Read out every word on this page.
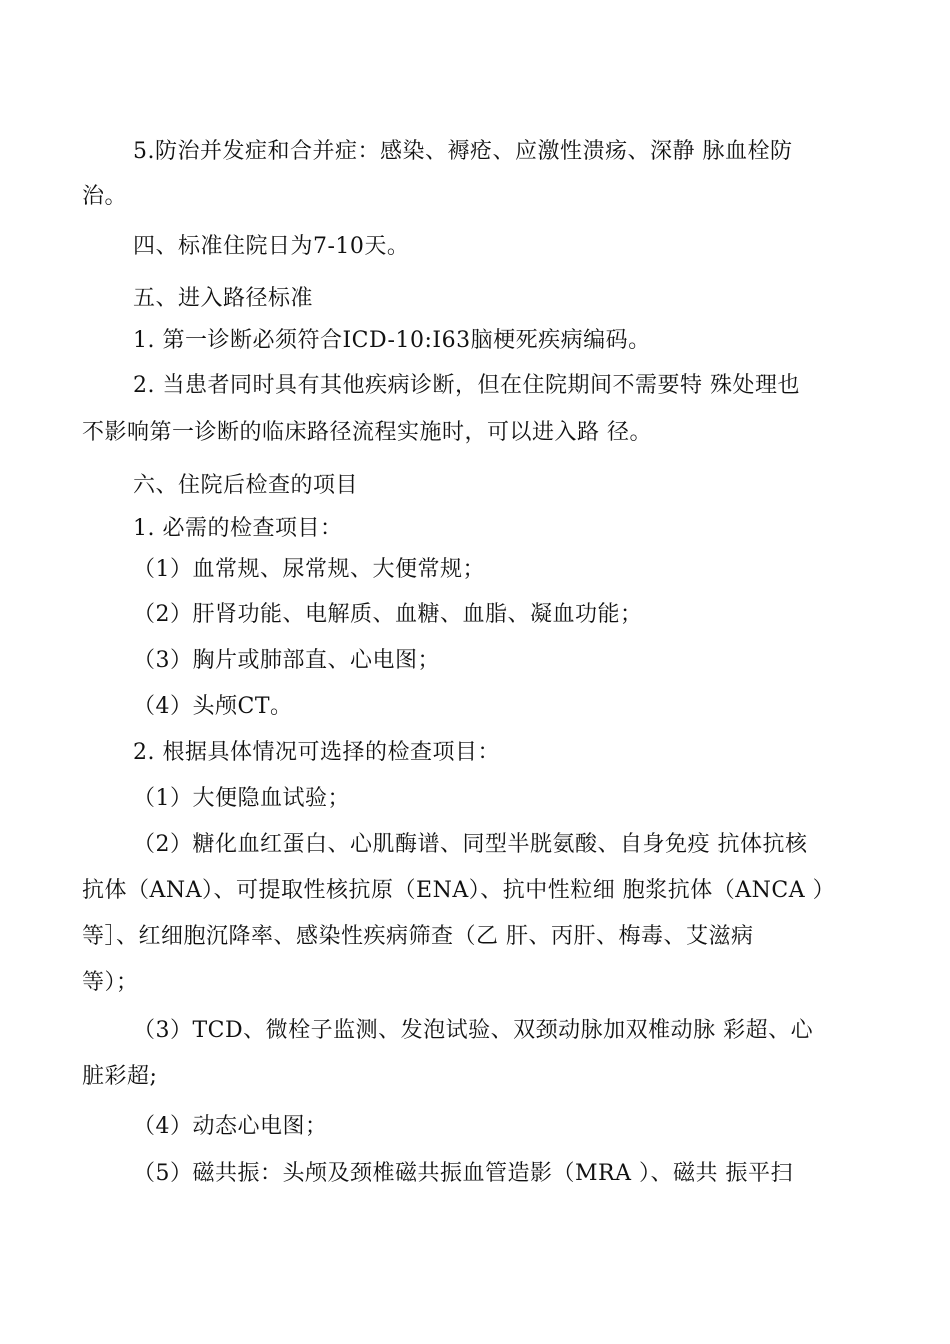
5.防治并发症和合并症：感染、褥疮、应激性溃疡、深静 脉血栓防
治。
四、标准住院日为7-10天。
五、进入路径标准
1. 第一诊断必须符合ICD-10:I63脑梗死疾病编码。
2. 当患者同时具有其他疾病诊断，但在住院期间不需要特 殊处理也
不影响第一诊断的临床路径流程实施时，可以进入路 径。
六、住院后检查的项目
1. 必需的检查项目：
（1）血常规、尿常规、大便常规；
（2）肝肾功能、电解质、血糖、血脂、凝血功能；
（3）胸片或肺部直、心电图；
（4）头颅CT。
2. 根据具体情况可选择的检查项目：
（1）大便隐血试验；
（2）糖化血红蛋白、心肌酶谱、同型半胱氨酸、自身免疫 抗体抗核
抗体（ANA）、可提取性核抗原（ENA）、抗中性粒细 胞浆抗体（ANCA ）
等］、红细胞沉降率、感染性疾病筛查（乙 肝、丙肝、梅毒、艾滋病
等）；
（3）TCD、微栓子监测、发泡试验、双颈动脉加双椎动脉 彩超、心
脏彩超;
（4）动态心电图；
（5）磁共振：头颅及颈椎磁共振血管造影（MRA ）、磁共 振平扫
